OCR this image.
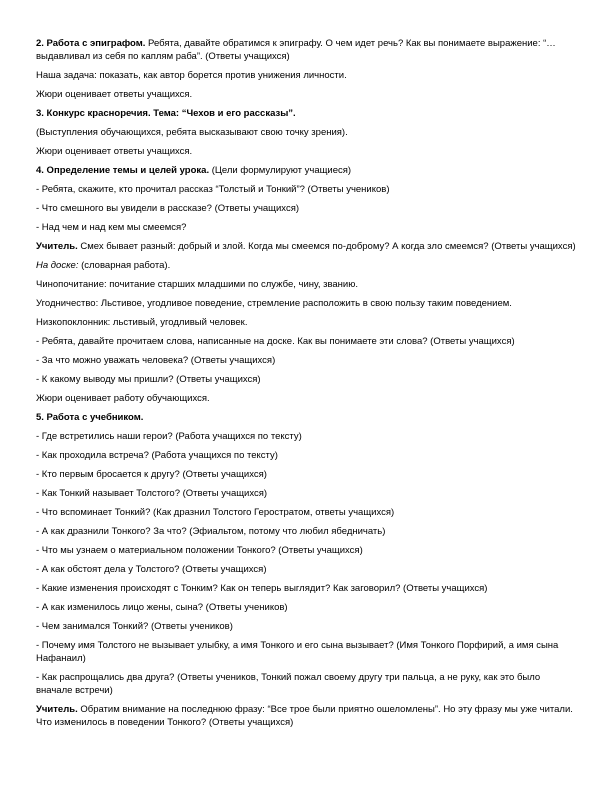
2. Работа с эпиграфом. Ребята, давайте обратимся к эпиграфу. О чем идет речь? Как вы понимаете выражение: “…выдавливал из себя по каплям раба”. (Ответы учащихся)

Наша задача: показать, как автор борется против унижения личности.

Жюри оценивает ответы учащихся.

3. Конкурс красноречия. Тема: “Чехов и его рассказы”.

(Выступления обучающихся, ребята высказывают свою точку зрения).

Жюри оценивает ответы учащихся.

4. Определение темы и целей урока. (Цели формулируют учащиеся)

- Ребята, скажите, кто прочитал рассказ “Толстый и Тонкий”? (Ответы учеников)

- Что смешного вы увидели в рассказе? (Ответы учащихся)

- Над чем и над кем мы смеемся?

Учитель. Смех бывает разный: добрый и злой. Когда мы смеемся по-доброму? А когда зло смеемся? (Ответы учащихся)

На доске: (словарная работа).

Чинопочитание: почитание старших младшими по службе, чину, званию.

Угодничество: Льстивое, угодливое поведение, стремление расположить в свою пользу таким поведением.

Низкопоклонник: льстивый, угодливый человек.

- Ребята, давайте прочитаем слова, написанные на доске. Как вы понимаете эти слова? (Ответы учащихся)

- За что можно уважать человека? (Ответы учащихся)

- К какому выводу мы пришли? (Ответы учащихся)

Жюри оценивает работу обучающихся.

5. Работа с учебником.

- Где встретились наши герои? (Работа учащихся по тексту)

- Как проходила встреча? (Работа учащихся по тексту)

- Кто первым бросается к другу? (Ответы учащихся)

- Как Тонкий называет Толстого? (Ответы учащихся)

- Что вспоминает Тонкий? (Как дразнил Толстого Геростратом, ответы учащихся)

- А как дразнили Тонкого? За что? (Эфиальтом, потому что любил ябедничать)

- Что мы узнаем о материальном положении Тонкого? (Ответы учащихся)

- А как обстоят дела у Толстого? (Ответы учащихся)

- Какие изменения происходят с Тонким? Как он теперь выглядит? Как заговорил? (Ответы учащихся)

- А как изменилось лицо жены, сына? (Ответы учеников)

- Чем занимался Тонкий? (Ответы учеников)

- Почему имя Толстого не вызывает улыбку, а имя Тонкого и его сына вызывает? (Имя Тонкого Порфирий, а имя сына Нафанаил)

- Как распрощались два друга? (Ответы учеников, Тонкий пожал своему другу три пальца, а не руку, как это было вначале встречи)

Учитель. Обратим внимание на последнюю фразу: “Все трое были приятно ошеломлены”. Но эту фразу мы уже читали. Что изменилось в поведении Тонкого? (Ответы учащихся)
